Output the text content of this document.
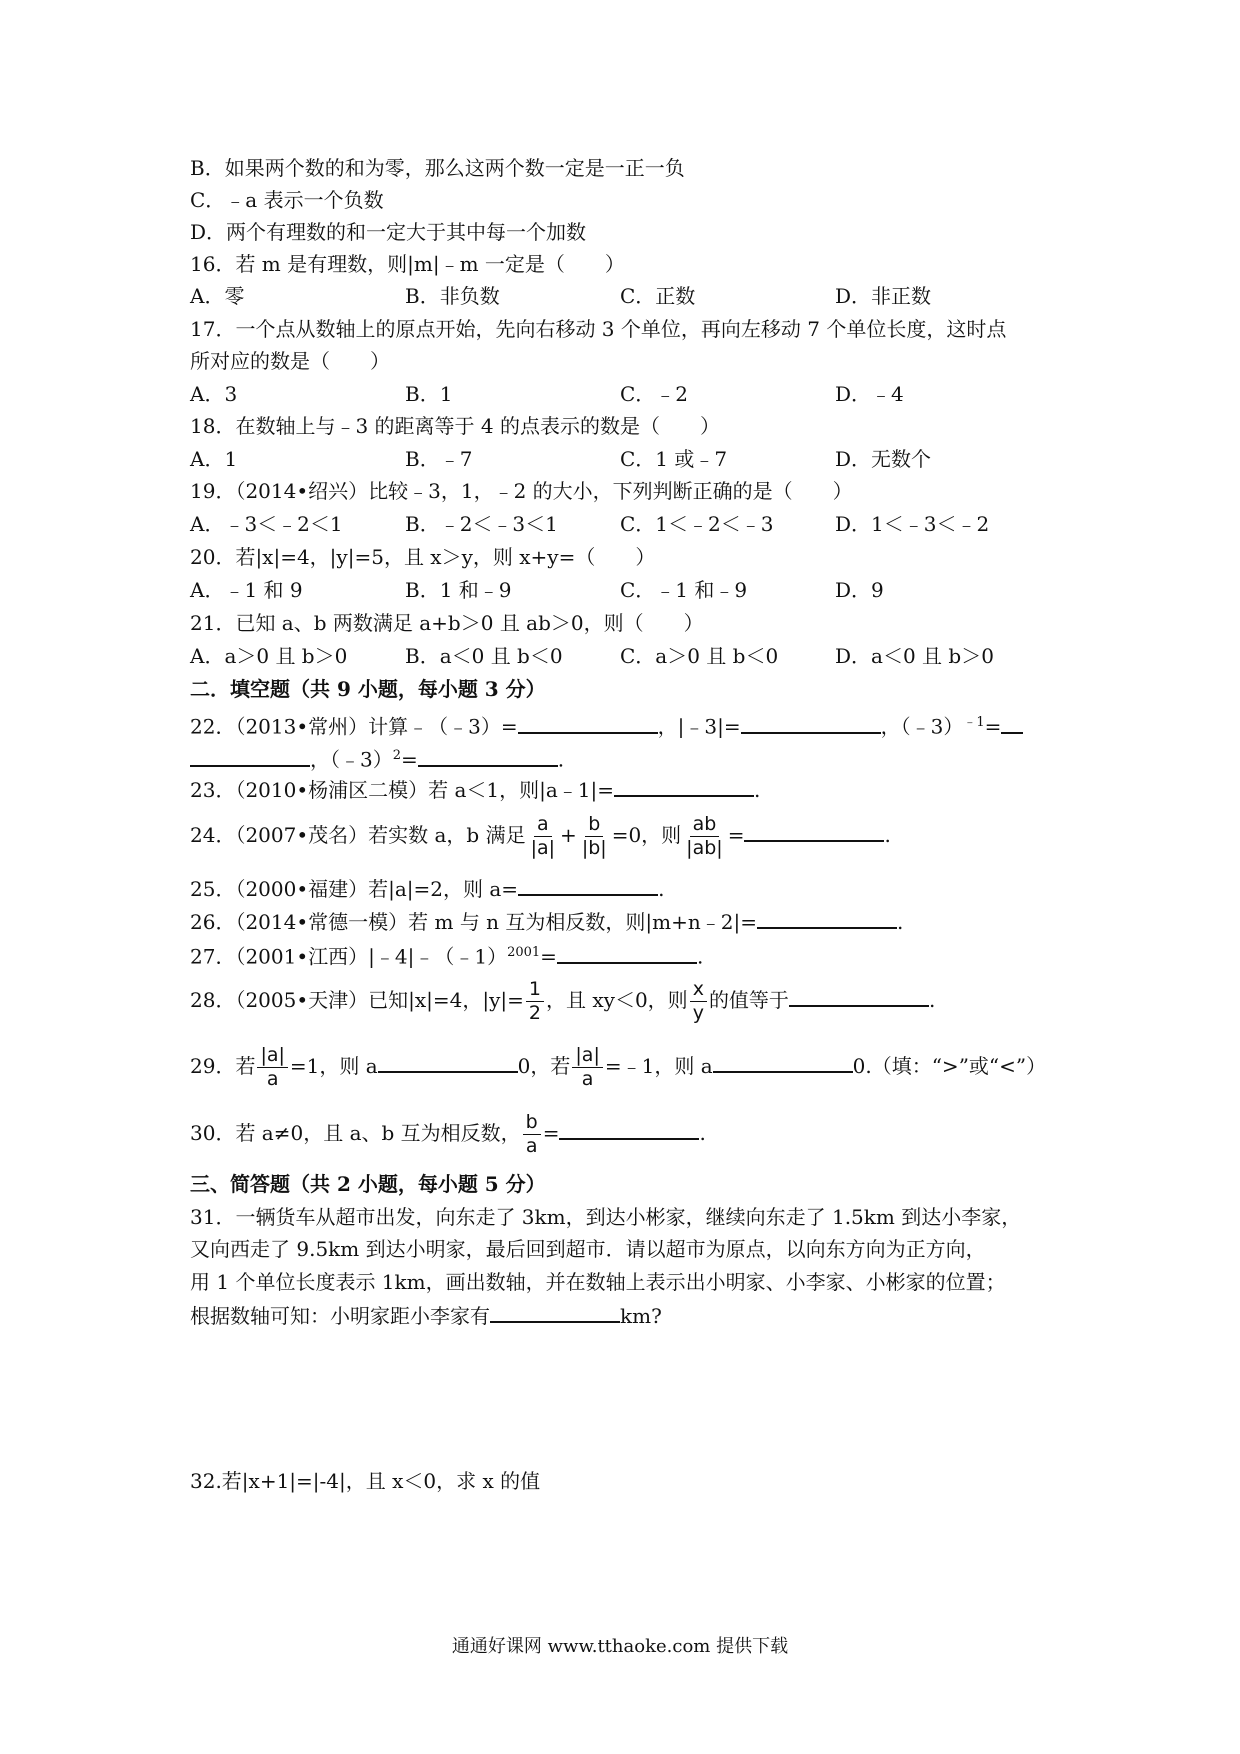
B．如果两个数的和为零，那么这两个数一定是一正一负
C．﹣a 表示一个负数
D．两个有理数的和一定大于其中每一个加数
16．若 m 是有理数，则|m|﹣m 一定是（　　）
A．零	B．非负数	C．正数	D．非正数
17．一个点从数轴上的原点开始，先向右移动 3 个单位，再向左移动 7 个单位长度，这时点
所对应的数是（　　）
A．3	B．1	C．﹣2	D．﹣4
18．在数轴上与﹣3 的距离等于 4 的点表示的数是（　　）
A．1	B．﹣7	C．1 或﹣7	D．无数个
19．（2014•绍兴）比较﹣3，1，﹣2 的大小，下列判断正确的是（　　）
A．﹣3＜﹣2＜1	B．﹣2＜﹣3＜1	C．1＜﹣2＜﹣3	D．1＜﹣3＜﹣2
20．若|x|=4，|y|=5，且 x＞y，则 x+y=（　　）
A．﹣1 和 9	B．1 和﹣9	C．﹣1 和﹣9	D．9
21．已知 a、b 两数满足 a+b＞0 且 ab＞0，则（　　）
A．a＞0 且 b＞0	B．a＜0 且 b＜0	C．a＞0 且 b＜0	D．a＜0 且 b＞0
二．填空题（共 9 小题，每小题 3 分）
22．（2013•常州）计算﹣（﹣3）=	，|﹣3|=	，（﹣3）$^{﹣1}$=
，（﹣3）$^2$=	.
23．（2010•杨浦区二模）若 a＜1，则|a﹣1|=	.
24．（2007•茂名）若实数 a，b 满足 $\frac{a}{|a|} + \frac{b}{|b|} =0$，则 $\frac{ab}{|ab|}$ =	.
25．（2000•福建）若|a|=2，则 a=	.
26．（2014•常德一模）若 m 与 n 互为相反数，则|m+n﹣2|=	.
27．（2001•江西）|﹣4|﹣（﹣1）$^{2001}$=	.
28．（2005•天津）已知|x|=4，$|y|= \frac{1}{2}$ ，且 xy＜0，则 $\frac{x}{y}$ 的值等于	.
29．若 $\frac{|a|}{a} =1$，则 a	0，若 $\frac{|a|}{a}$ =﹣1，则 a	0.（填：“>”或“<”）
30．若 a≠0，且 a、b 互为相反数， $\frac{b}{a}$ =	.
三、简答题（共 2 小题，每小题 5 分）
31．一辆货车从超市出发，向东走了 3km，到达小彬家，继续向东走了 1.5km 到达小李家，
又向西走了 9.5km 到达小明家，最后回到超市．请以超市为原点，以向东方向为正方向，
用 1 个单位长度表示 1km，画出数轴，并在数轴上表示出小明家、小李家、小彬家的位置；
根据数轴可知：小明家距小李家有	km?
32.若|x+1|=|-4|，且 x＜0，求 x 的值
通通好课网 www.tthaoke.com 提供下载
